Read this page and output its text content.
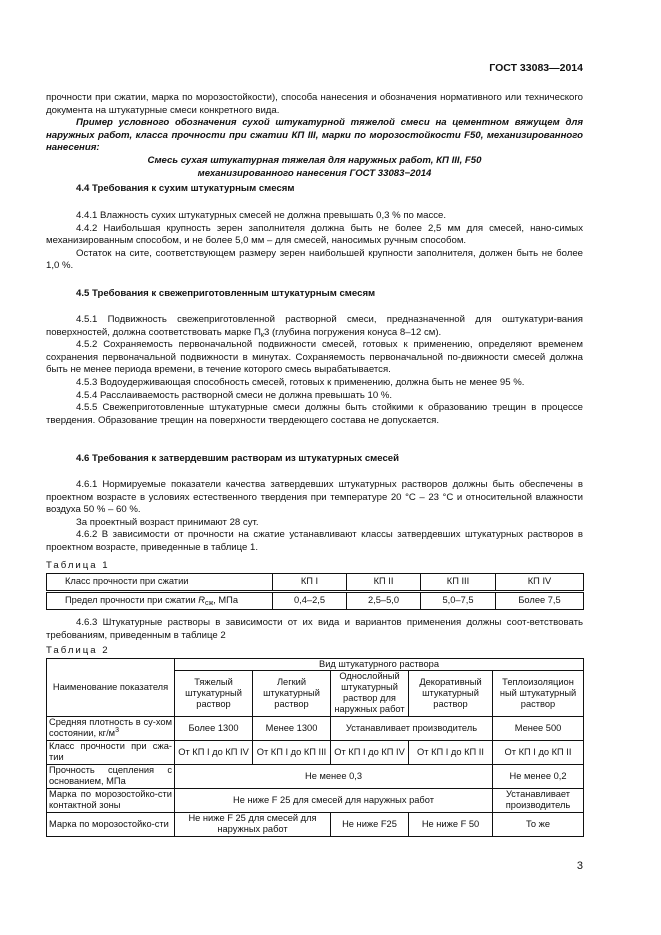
ГОСТ 33083—2014

прочности при сжатии, марка по морозостойкости), способа нанесения и обозначения нормативного или технического документа на штукатурные смеси конкретного вида.

Пример условного обозначения сухой штукатурной тяжелой смеси на цементном вяжущем для наружных работ, класса прочности при сжатии КП III, марки по морозостойкости F50, механизированного нанесения:

Смесь сухая штукатурная тяжелая для наружных работ, КП III, F50

механизированного нанесения ГОСТ 33083−2014

4.4 Требования к сухим штукатурным смесям

4.4.1 Влажность сухих штукатурных смесей не должна превышать 0,3 % по массе.

4.4.2 Наибольшая крупность зерен заполнителя должна быть не более 2,5 мм для смесей, нано-симых механизированным способом, и не более 5,0 мм – для смесей, наносимых ручным способом.

Остаток на сите, соответствующем размеру зерен наибольшей крупности заполнителя, должен быть не более 1,0 %.

4.5 Требования к свежеприготовленным штукатурным смесям

4.5.1 Подвижность свежеприготовленной растворной смеси, предназначенной для оштукатури-вания поверхностей, должна соответствовать марке $П_к3$ (глубина погружения конуса 8–12 см).

4.5.2 Сохраняемость первоначальной подвижности смесей, готовых к применению, определяют временем сохранения первоначальной подвижности в минутах. Сохраняемость первоначальной по-движности смесей должна быть не менее периода времени, в течение которого смесь вырабатывается.

4.5.3 Водоудерживающая способность смесей, готовых к применению, должна быть не менее 95 %.

4.5.4 Расслаиваемость растворной смеси не должна превышать 10 %.

4.5.5 Свежеприготовленные штукатурные смеси должны быть стойкими к образованию трещин в процессе твердения. Образование трещин на поверхности твердеющего состава не допускается.

4.6 Требования к затвердевшим растворам из штукатурных смесей

4.6.1 Нормируемые показатели качества затвердевших штукатурных растворов должны быть обеспечены в проектном возрасте в условиях естественного твердения при температуре 20 °С – 23 °С и относительной влажности воздуха 50 % – 60 %.

За проектный возраст принимают 28 сут.

4.6.2 В зависимости от прочности на сжатие устанавливают классы затвердевших штукатурных растворов в проектном возрасте, приведенные в таблице 1.

Таблица 1
Класс прочности при сжатии	КП I	КП II	КП III	КП IV
Предел прочности при сжатии $R_{сж}$, МПа	0,4–2,5	2,5–5,0	5,0–7,5	Более 7,5

4.6.3 Штукатурные растворы в зависимости от их вида и вариантов применения должны соот-ветствовать требованиям, приведенным в таблице 2

Таблица 2
Наименование показателя	Вид штукатурного раствора				
	Тяжелый штукатурный раствор	Легкий штукатурный раствор	Однослойный штукатурный раствор для наружных работ	Декоративный штукатурный раствор	Теплоизоляцион ный штукатурный раствор
Средняя плотность в су-хом состоянии, $кг/м^3$	Более 1300	Менее 1300	Устанавливает производитель		Менее 500
Класс прочности при сжа-тии	От КП I до КП IV	От КП I до КП III	От КП I до КП IV	От КП I до КП II	От КП I до КП II
Прочность сцепления с основанием, МПа	Не менее 0,3				Не менее 0,2
Марка по морозостойко-сти контактной зоны	Не ниже F 25 для смесей для наружных работ				Устанавливает производитель
Марка по морозостойко-сти	Не ниже F 25 для смесей для наружных работ		Не ниже F25	Не ниже F 50	То же
3
